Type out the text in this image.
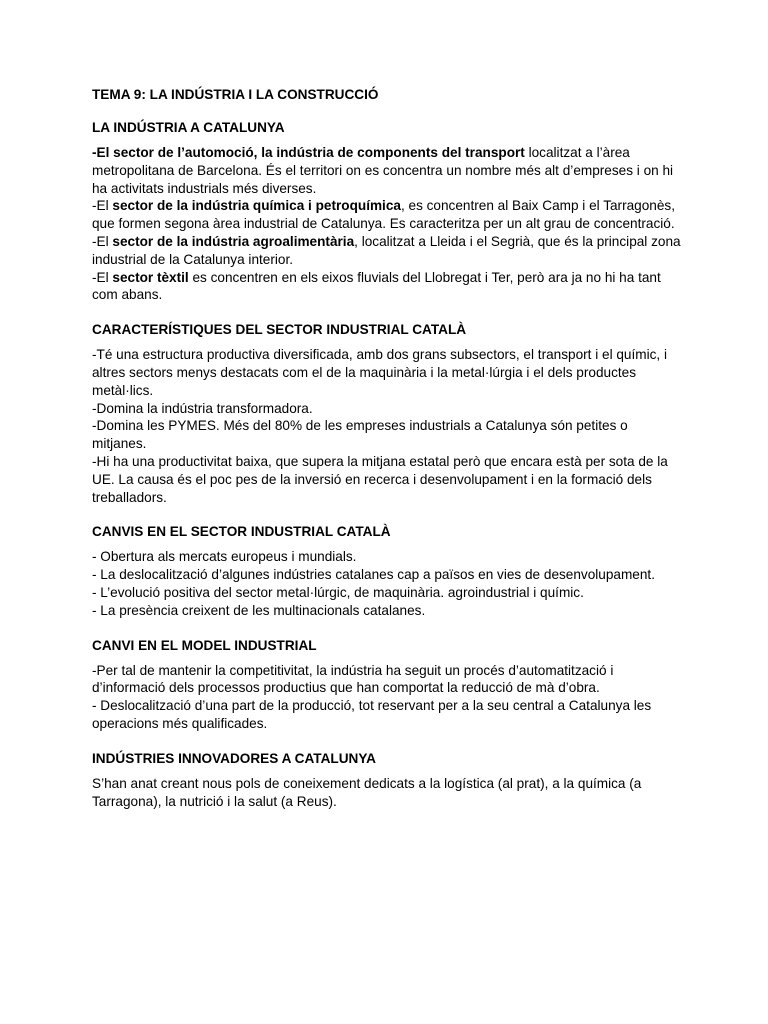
TEMA 9: LA INDÚSTRIA I LA CONSTRUCCIÓ
LA INDÚSTRIA A CATALUNYA

-El sector de l’automoció, la indústria de components del transport localitzat a l’àrea metropolitana de Barcelona. És el territori on es concentra un nombre més alt d’empreses i on hi ha activitats industrials més diverses.

-El sector de la indústria química i petroquímica, es concentren al Baix Camp i el Tarragonès, que formen segona àrea industrial de Catalunya. Es caracteritza per un alt grau de concentració.

-El sector de la indústria agroalimentària, localitzat a Lleida i el Segrià, que és la principal zona industrial de la Catalunya interior.

-El sector tèxtil es concentren en els eixos fluvials del Llobregat i Ter, però ara ja no hi ha tant com abans.

CARACTERÍSTIQUES DEL SECTOR INDUSTRIAL CATALÀ

-Té una estructura productiva diversificada, amb dos grans subsectors, el transport i el químic, i altres sectors menys destacats com el de la maquinària i la metal·lúrgia i el dels productes metàl·lics.

-Domina la indústria transformadora.

-Domina les PYMES. Més del 80% de les empreses industrials a Catalunya són petites o mitjanes.

-Hi ha una productivitat baixa, que supera la mitjana estatal però que encara està per sota de la UE. La causa és el poc pes de la inversió en recerca i desenvolupament i en la formació dels treballadors.

CANVIS EN EL SECTOR INDUSTRIAL CATALÀ

- Obertura als mercats europeus i mundials.

- La deslocalització d’algunes indústries catalanes cap a països en vies de desenvolupament.

- L’evolució positiva del sector metal·lúrgic, de maquinària. agroindustrial i químic.

- La presència creixent de les multinacionals catalanes.

CANVI EN EL MODEL INDUSTRIAL

-Per tal de mantenir la competitivitat, la indústria ha seguit un procés d’automatització i d’informació dels processos productius que han comportat la reducció de mà d’obra.

- Deslocalització d’una part de la producció, tot reservant per a la seu central a Catalunya les operacions més qualificades.

INDÚSTRIES INNOVADORES A CATALUNYA

S’han anat creant nous pols de coneixement dedicats a la logística (al prat), a la química (a Tarragona), la nutrició i la salut (a Reus).
